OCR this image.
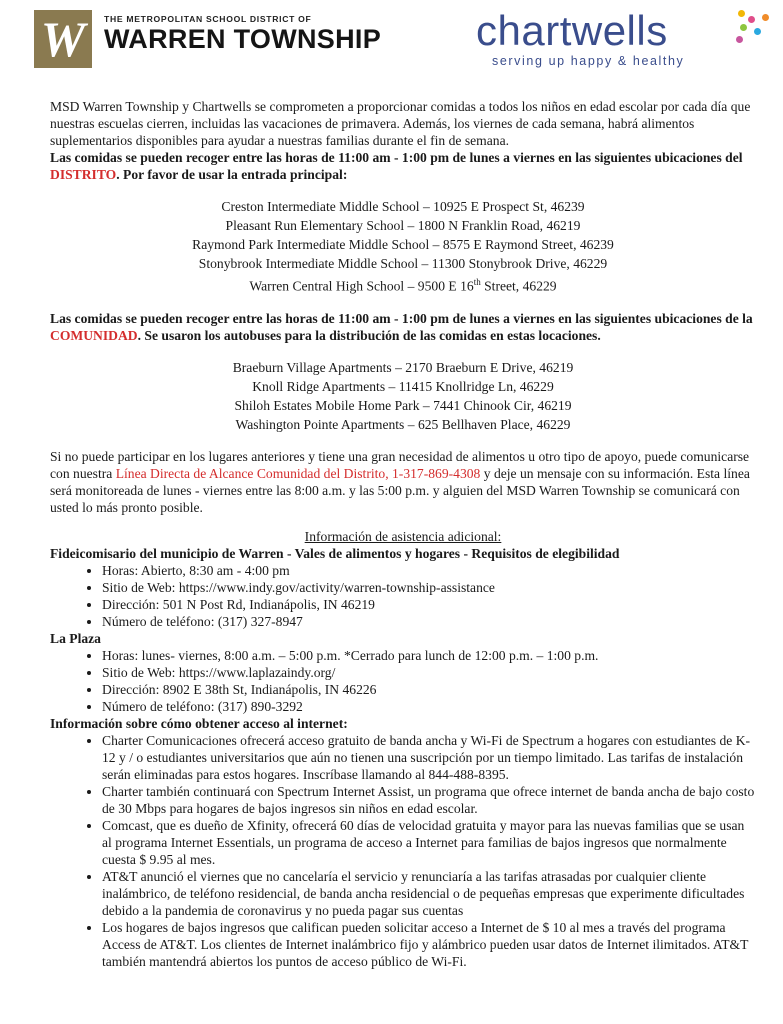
W	THE METROPOLITAN SCHOOL DISTRICT OF
WARREN TOWNSHIP chartwells
serving up happy & healthy

MSD Warren Township y Chartwells se comprometen a proporcionar comidas a todos los niños en edad escolar por cada día que nuestras escuelas cierren, incluidas las vacaciones de primavera. Además, los viernes de cada semana, habrá alimentos suplementarios disponibles para ayudar a nuestras familias durante el fin de semana.

Las comidas se pueden recoger entre las horas de 11:00 am - 1:00 pm de lunes a viernes en las siguientes ubicaciones del DISTRITO. Por favor de usar la entrada principal:

Creston Intermediate Middle School – 10925 E Prospect St, 46239

Pleasant Run Elementary School – 1800 N Franklin Road, 46219

Raymond Park Intermediate Middle School – 8575 E Raymond Street, 46239

Stonybrook Intermediate Middle School – 11300 Stonybrook Drive, 46229

Warren Central High School – 9500 E 16th Street, 46229

Las comidas se pueden recoger entre las horas de 11:00 am - 1:00 pm de lunes a viernes en las siguientes ubicaciones de la COMUNIDAD. Se usaron los autobuses para la distribución de las comidas en estas locaciones.

Braeburn Village Apartments – 2170 Braeburn E Drive, 46219

Knoll Ridge Apartments – 11415 Knollridge Ln, 46229

Shiloh Estates Mobile Home Park – 7441 Chinook Cir, 46219

Washington Pointe Apartments – 625 Bellhaven Place, 46229

Si no puede participar en los lugares anteriores y tiene una gran necesidad de alimentos u otro tipo de apoyo, puede comunicarse con nuestra Línea Directa de Alcance Comunidad del Distrito, 1-317-869-4308 y deje un mensaje con su información. Esta línea será monitoreada de lunes - viernes entre las 8:00 a.m. y las 5:00 p.m. y alguien del MSD Warren Township se comunicará con usted lo más pronto posible.

Información de asistencia adicional:

Fideicomisario del municipio de Warren - Vales de alimentos y hogares - Requisitos de elegibilidad

• Horas: Abierto, 8:30 am - 4:00 pm
• Sitio de Web: https://www.indy.gov/activity/warren-township-assistance
• Dirección: 501 N Post Rd, Indianápolis, IN 46219
• Número de teléfono: (317) 327-8947

La Plaza

• Horas: lunes- viernes, 8:00 a.m. – 5:00 p.m. *Cerrado para lunch de 12:00 p.m. – 1:00 p.m.
• Sitio de Web: https://www.laplazaindy.org/
• Dirección: 8902 E 38th St, Indianápolis, IN 46226
• Número de teléfono: (317) 890-3292

Información sobre cómo obtener acceso al internet:

• Charter Comunicaciones ofrecerá acceso gratuito de banda ancha y Wi-Fi de Spectrum a hogares con estudiantes de K-12 y / o estudiantes universitarios que aún no tienen una suscripción por un tiempo limitado. Las tarifas de instalación serán eliminadas para estos hogares. Inscríbase llamando al 844-488-8395.
• Charter también continuará con Spectrum Internet Assist, un programa que ofrece internet de banda ancha de bajo costo de 30 Mbps para hogares de bajos ingresos sin niños en edad escolar.
• Comcast, que es dueño de Xfinity, ofrecerá 60 días de velocidad gratuita y mayor para las nuevas familias que se usan al programa Internet Essentials, un programa de acceso a Internet para familias de bajos ingresos que normalmente cuesta $ 9.95 al mes.
• AT&T anunció el viernes que no cancelaría el servicio y renunciaría a las tarifas atrasadas por cualquier cliente inalámbrico, de teléfono residencial, de banda ancha residencial o de pequeñas empresas que experimente dificultades debido a la pandemia de coronavirus y no pueda pagar sus cuentas
• Los hogares de bajos ingresos que califican pueden solicitar acceso a Internet de $ 10 al mes a través del programa Access de AT&T. Los clientes de Internet inalámbrico fijo y alámbrico pueden usar datos de Internet ilimitados. AT&T también mantendrá abiertos los puntos de acceso público de Wi-Fi.
